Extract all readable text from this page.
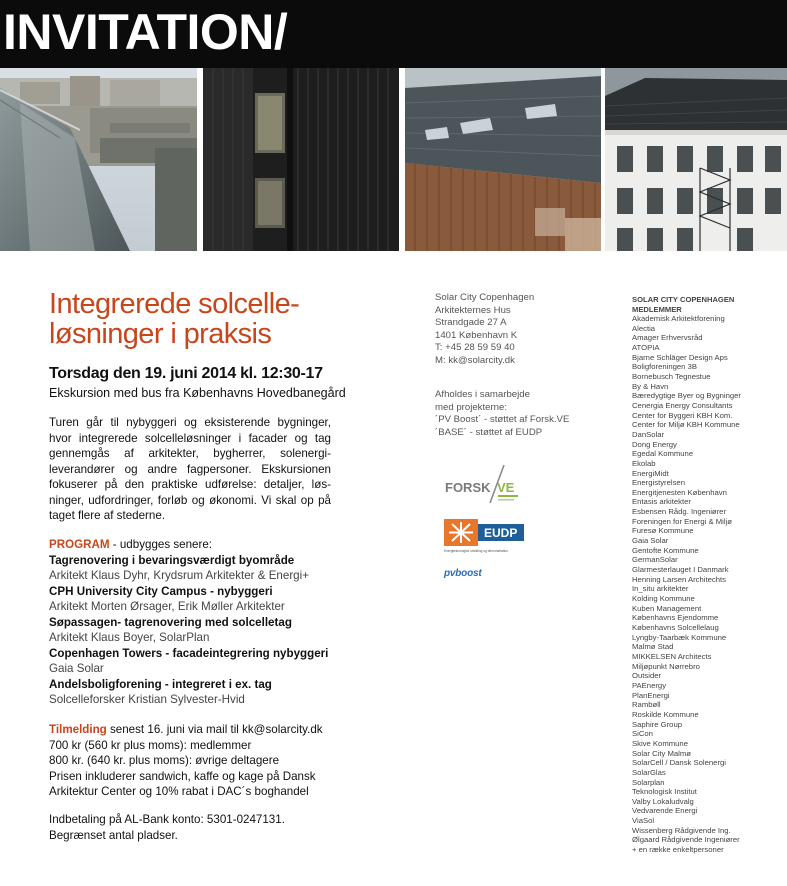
INVITATION/
Integrerede solcelle-løsninger i praksis
Torsdag den 19. juni 2014 kl. 12:30-17
Ekskursion med bus fra Københavns Hovedbanegård
Turen går til nybyggeri og eksisterende bygninger, hvor integrerede solcelleløsninger i facader og tag gennemgås af arkitekter, bygherrer, solenergi-leverandører og andre fagpersoner. Ekskursionen fokuserer på den praktiske udførelse: detaljer, løs-ninger, udfordringer, forløb og økonomi. Vi skal op på taget flere af stederne.
PROGRAM - udbygges senere:
Tagrenovering i bevaringsværdigt byområde
Arkitekt Klaus Dyhr, Krydsrum Arkitekter & Energi+
CPH University City Campus - nybyggeri
Arkitekt Morten Ørsager, Erik Møller Arkitekter
Søpassagen- tagrenovering med solcelletag
Arkitekt Klaus Boyer, SolarPlan
Copenhagen Towers - facadeintegrering nybyggeri
Gaia Solar
Andelsboligforening - integreret i ex. tag
Solcelleforsker Kristian Sylvester-Hvid
Tilmelding senest 16. juni via mail til kk@solarcity.dk
700 kr (560 kr plus moms): medlemmer
800 kr. (640 kr. plus moms): øvrige deltagere
Prisen inkluderer sandwich, kaffe og kage på Dansk Arkitektur Center og 10% rabat i DAC´s boghandel
Indbetaling på AL-Bank konto: 5301-0247131.
Begrænset antal pladser.
Solar City Copenhagen
Arkitekternes Hus
Strandgade 27 A
1401 København K
T: +45 28 59 59 40
M: kk@solarcity.dk
Afholdes i samarbejde
med projekterne:
´PV Boost´ - støttet af Forsk.VE
´BASE´ - støttet af EUDP
FORSK VE
EUDP
Energiteknologisk udvikling og demonstration
pvboost
SOLAR CITY COPENHAGEN MEDLEMMER
Akademisk Arkitektforening
Alectia
Amager Erhvervsråd
ATOPIA
Bjarne Schläger Design Aps
Boligforeningen 3B
Bornebusch Tegnestue
By & Havn
Bæredygtige Byer og Bygninger
Cenergia Energy Consultants
Center for Byggeri KBH Kom.
Center for Miljø KBH Kommune
DanSolar
Dong Energy
Egedal Kommune
Ekolab
EnergiMidt
Energistyrelsen
Energitjenesten København
Entasis arkitekter
Esbensen Rådg. Ingeniører
Foreningen for Energi & Miljø
Furesø Kommune
Gaia Solar
Gentofte Kommune
GermanSolar
Glarmesterlauget I Danmark
Henning Larsen Architechts
In_situ arkitekter
Kolding Kommune
Kuben Management
Københavns Ejendomme
Københavns Solcellelaug
Lyngby-Taarbæk Kommune
Malmø Stad
MIKKELSEN Architects
Miljøpunkt Nørrebro
Outsider
PAEnergy
PlanEnergi
Rambøll
Roskilde Kommune
Saphire Group
SiCon
Skive Kommune
Solar City Malmø
SolarCell / Dansk Solenergi
SolarGlas
Solarplan
Teknologisk Institut
Valby Lokaludvalg
Vedvarende Energi
ViaSol
Wissenberg Rådgivende Ing.
Ølgaard Rådgivende Ingeniører
+ en række enkeltpersoner
